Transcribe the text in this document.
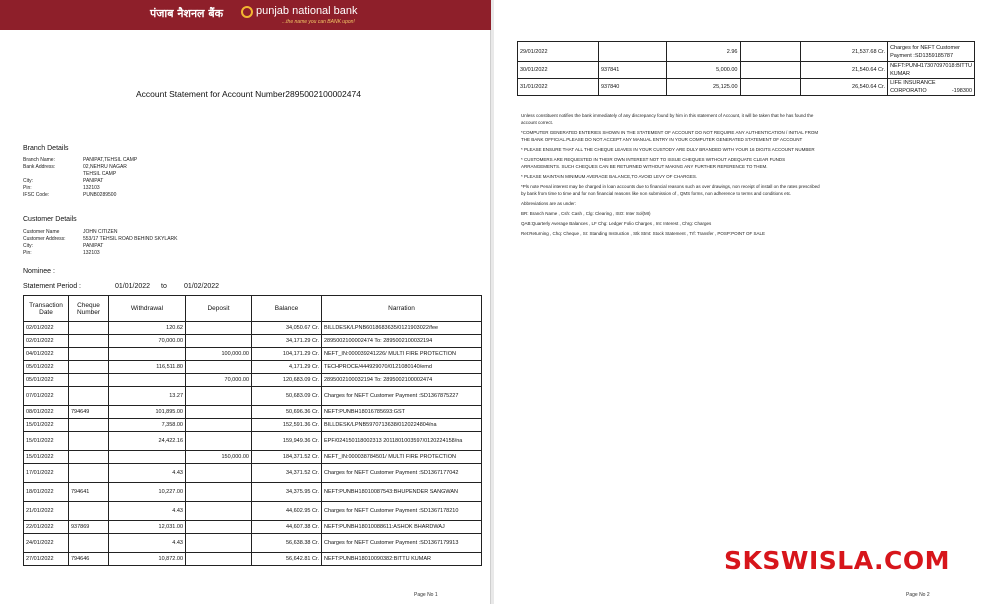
पंजाब नैशनल बैंक	punjab national bank
...the name you can BANK upon!
Account Statement for Account Number2895002100002474
Branch Details
Branch Name:	PANIPAT,TEHSIL CAMP
Bank Address:	02,NEHRU NAGAR
TEHSIL CAMP
City:	PANIPAT
Pin:	132103
IFSC Code:	PUNB0289500
Customer Details
Customer Name	JOHN CITIZEN
Customer Address:	553/17 TEHSIL ROAD BEHIND SKYLARK
City:	PANIPAT
Pin:	132103
Nominee :
Statement Period :	01/01/2022 to 01/02/2022
Transaction Date	Cheque Number	Withdrawal	Deposit	Balance	Narration
02/01/2022		120.62		34,050.67 Cr.	BILLDESK/LPNB6018683635/0121903022/fee
02/01/2022		70,000.00		34,171.29 Cr.	2895002100002474 To: 2895002100032194
04/01/2022			100,000.00	104,171.29 Cr.	NEFT_IN:000039241226/ MULTI FIRE PROTECTION
05/01/2022		116,511.80		4,171.29 Cr.	TECHPROCE/444929070/0121080140/emd
05/01/2022			70,000.00	120,683.09 Cr.	2895002100032194 To: 2895002100002474
07/01/2022		13.27		50,683.09 Cr.	Charges for NEFT Customer Payment :SD1367875227
08/01/2022	794649	101,895.00		50,696.36 Cr.	NEFT:PUNBH18016785693:GST
15/01/2022		7,358.00		152,591.36 Cr.	BILLDESK/LPNB5970713638/0120224804/na
15/01/2022		24,422.16		159,949.36 Cr.	EPF/0241501180023​13 20118010035​97/0120224158/na
15/01/2022			150,000.00	184,371.52 Cr.	NEFT_IN:000038784501/ MULTI FIRE PROTECTION
17/01/2022		4.43		34,371.52 Cr.	Charges for NEFT Customer Payment :SD1367177042
18/01/2022	794641	10,227.00		34,375.95 Cr.	NEFT:PUNBH18010087543:BHUPENDER SANGWAN
21/01/2022		4.43		44,602.95 Cr.	Charges for NEFT Customer Payment :SD1367178210
22/01/2022	937869	12,031.00		44,607.38 Cr.	NEFT:PUNBH18010088611:ASHOK BHARDWAJ
24/01/2022		4.43		56,638.38 Cr.	Charges for NEFT Customer Payment :SD1367179913
27/01/2022	794646	10,872.00		56,642.81 Cr.	NEFT:PUNBH18010090382:BITTU KUMAR
Page No 1
29/01/2022		2.96		21,537.68 Cr.	Charges for NEFT Customer Payment :SD1359185787
30/01/2022	937841	5,000.00		21,540.64 Cr.	NEFT:PUNH17307097018:BITTU KUMAR
31/01/2022	937840	25,125.00		26,540.64 Cr.	LIFE INSURANCE CORPORATIO -198300

Unless constituent notifies the bank immediately of any discrepancy found by him in this statement of Account, it will be taken that he has found the account correct.

*COMPUTER GENERATED ENTERIES SHOWN IN THE STATEMENT OF ACCOUNT DO NOT REQUIRE ANY AUTHENTICATION / INITIAL FROM THE BANK OFFICIAL.PLEASE DO NOT ACCEPT ANY MANUAL ENTRY IN YOUR COMPUTER GENERATED STATEMENT OF ACCOUNT

* PLEASE ENSURE THAT ALL THE CHEQUE LEAVES IN YOUR CUSTODY ARE DULY BRANDED WITH YOUR 16 DIGITS ACCOUNT NUMBER

* CUSTOMERS ARE REQUESTED IN THEIR OWN INTEREST NOT TO ISSUE CHEQUES WITHOUT ADEQUATE CLEAR FUNDS ARRANGEMENTS. SUCH CHEQUES CAN BE RETURNED WITHOUT MAKING ANY FURTHER REFERENCE TO THEM.

* PLEASE MAINTAIN MINIMUM AVERAGE BALANCE,TO AVOID LEVY OF CHARGES.

*Pls note Penal interest may be charged in loan accounts due to financial reasons such as over drawings, non receipt of install on the rates prescribed by bank from time to time and for non financial reasons like non submission of , QMS forms, non adherence to terms and conditions etc.

Abbreviations are as under:

BR: Branch Name , Csh: Cash , Clg: Clearing , ISO: Inter Sol(MI)

QAB:Quarterly Average Balances , LF Chg: Ledger Folio Charges , Int: Interest , Chrg: Charges

Ret:Returning , Chq: Cheque , SI: Standing Instruction , Stk Stmt: Stock Statement , Trf: Transfer , POSP:POINT OF SALE

Page No 2
SKSWISLA.COM
